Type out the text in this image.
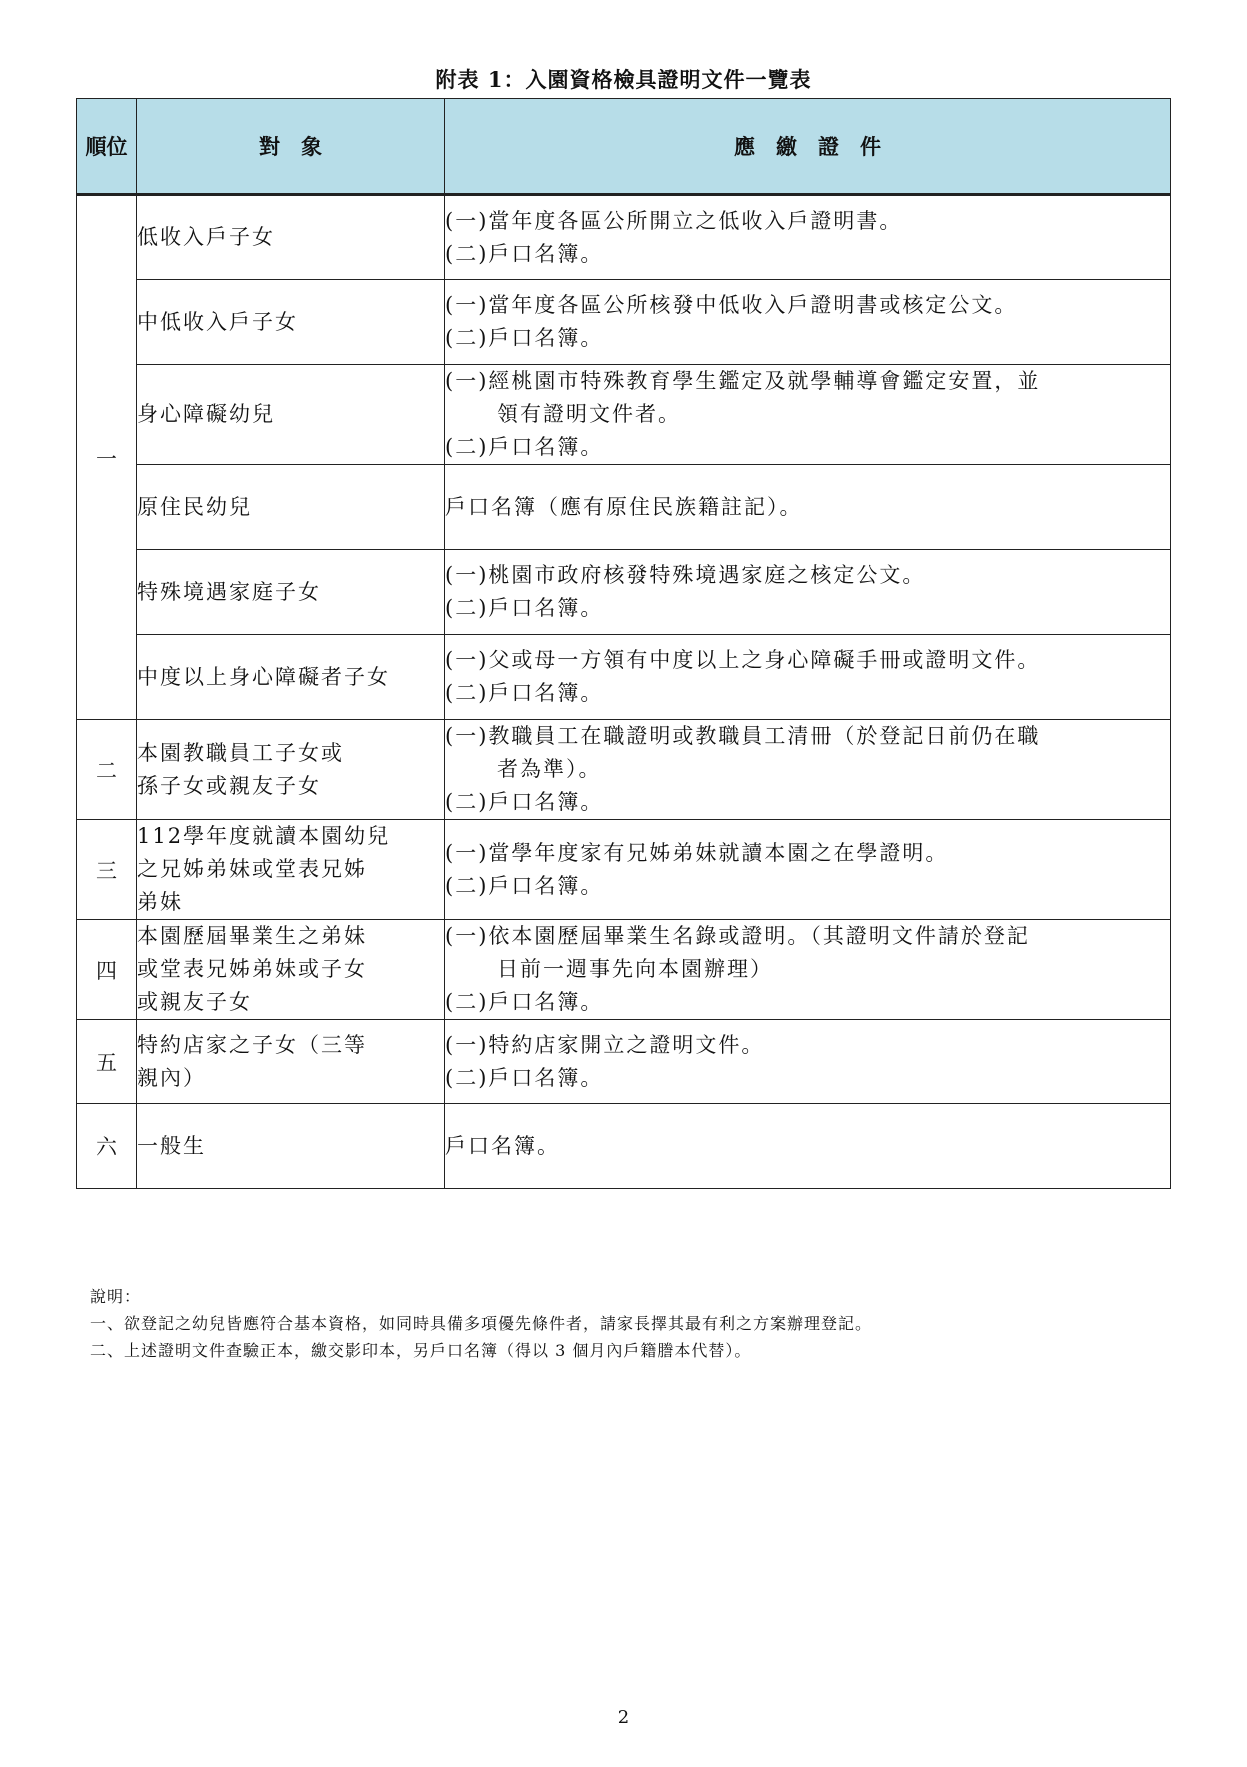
附表 1：入園資格檢具證明文件一覽表
順位	對　象	應　繳　證　件
一	低收入戶子女	(一)當年度各區公所開立之低收入戶證明書。
(二)戶口名簿。

	中低收入戶子女	(一)當年度各區公所核發中低收入戶證明書或核定公文。
(二)戶口名簿。

	身心障礙幼兒	(一)經桃園市特殊教育學生鑑定及就學輔導會鑑定安置，並
領有證明文件者。
(二)戶口名簿。

	原住民幼兒	戶口名簿（應有原住民族籍註記）。

	特殊境遇家庭子女	(一)桃園市政府核發特殊境遇家庭之核定公文。
(二)戶口名簿。

	中度以上身心障礙者子女	(一)父或母一方領有中度以上之身心障礙手冊或證明文件。
(二)戶口名簿。

二	本園教職員工子女或
孫子女或親友子女	(一)教職員工在職證明或教職員工清冊（於登記日前仍在職
者為準）。
(二)戶口名簿。

三	112學年度就讀本園幼兒
之兄姊弟妹或堂表兄姊
弟妹	(一)當學年度家有兄姊弟妹就讀本園之在學證明。
(二)戶口名簿。

四	本園歷屆畢業生之弟妹
或堂表兄姊弟妹或子女
或親友子女	(一)依本園歷屆畢業生名錄或證明。（其證明文件請於登記
日前一週事先向本園辦理）
(二)戶口名簿。

五	特約店家之子女（三等
親內）	(一)特約店家開立之證明文件。
(二)戶口名簿。

六	一般生	戶口名簿。
說明：
一、欲登記之幼兒皆應符合基本資格，如同時具備多項優先條件者，請家長擇其最有利之方案辦理登記。
二、上述證明文件查驗正本，繳交影印本，另戶口名簿（得以 3 個月內戶籍謄本代替）。
2
